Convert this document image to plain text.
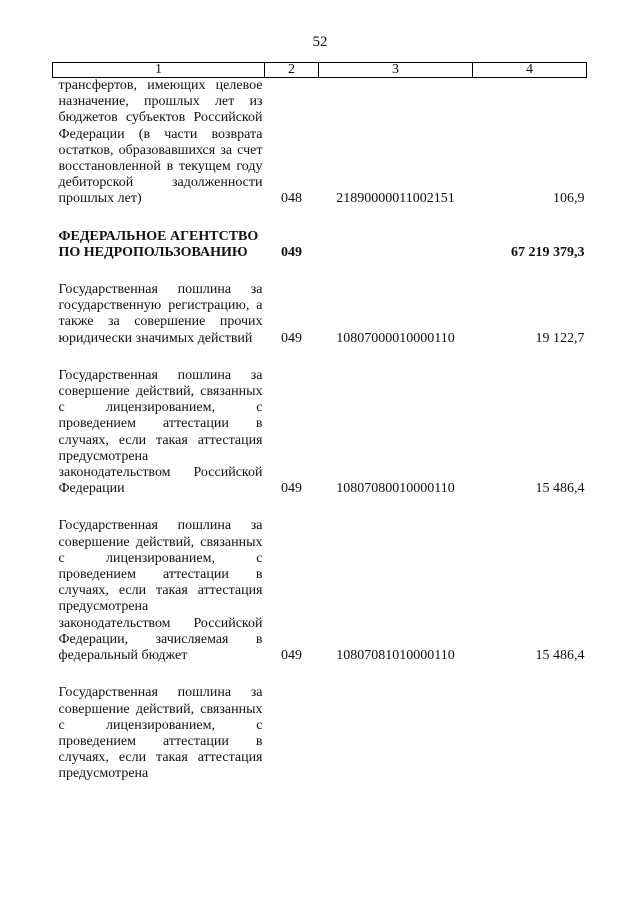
52
1	2	3	4
трансфертов, имеющих целевое назначение, прошлых лет из бюджетов субъектов Российской Федерации (в части возврата остатков, образовавшихся за счет восстановленной в текущем году дебиторской задолженности прошлых лет)	048	21890000011002151	106,9
ФЕДЕРАЛЬНОЕ АГЕНТСТВО ПО НЕДРОПОЛЬЗОВАНИЮ	049		67 219 379,3
Государственная пошлина за государственную регистрацию, а также за совершение прочих юридически значимых действий	049	10807000010000110	19 122,7
Государственная пошлина за совершение действий, связанных с лицензированием, с проведением аттестации в случаях, если такая аттестация предусмотрена законодательством Российской Федерации	049	10807080010000110	15 486,4
Государственная пошлина за совершение действий, связанных с лицензированием, с проведением аттестации в случаях, если такая аттестация предусмотрена законодательством Российской Федерации, зачисляемая в федеральный бюджет	049	10807081010000110	15 486,4
Государственная пошлина за совершение действий, связанных с лицензированием, с проведением аттестации в случаях, если такая аттестация предусмотрена			
